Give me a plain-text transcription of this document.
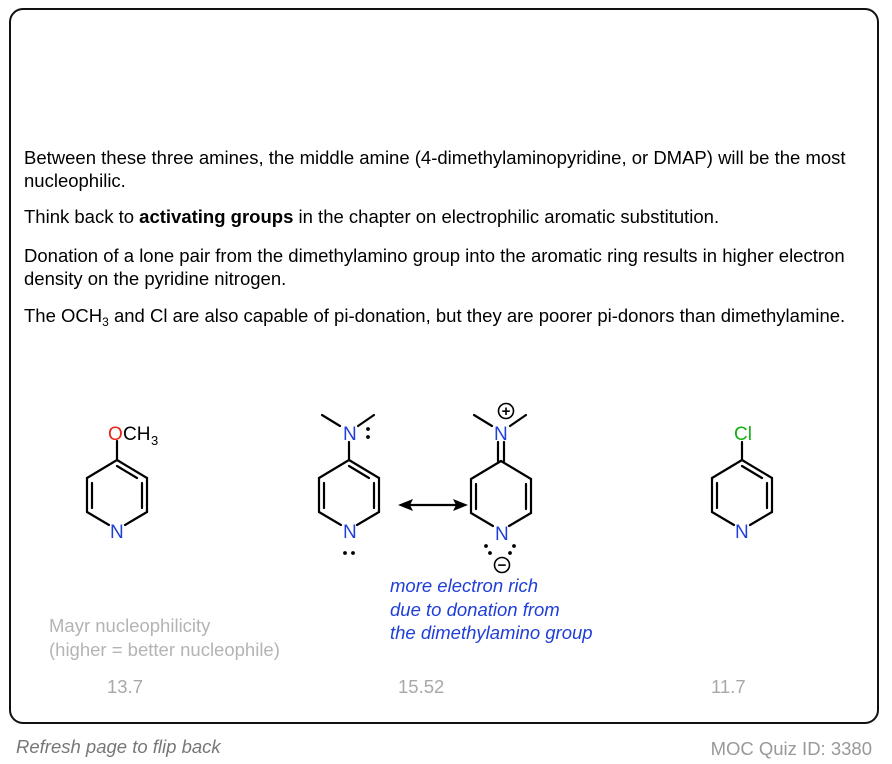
Between these three amines, the middle amine (4-dimethylaminopyridine, or DMAP) will be the most nucleophilic.

Think back to activating groups in the chapter on electrophilic aromatic substitution.

Donation of a lone pair from the dimethylamino group into the aromatic ring results in higher electron density on the pyridine nitrogen.

The $OCH_3$ and Cl are also capable of pi-donation, but they are poorer pi-donors than dimethylamine.

O CH 3
N
N
N
N
N
Cl
N
+
−
more electron rich
due to donation from
the dimethylamino group
Mayr nucleophilicity
(higher = better nucleophile)
13.7	15.52	11.7
Refresh page to flip back	MOC Quiz ID: 3380
